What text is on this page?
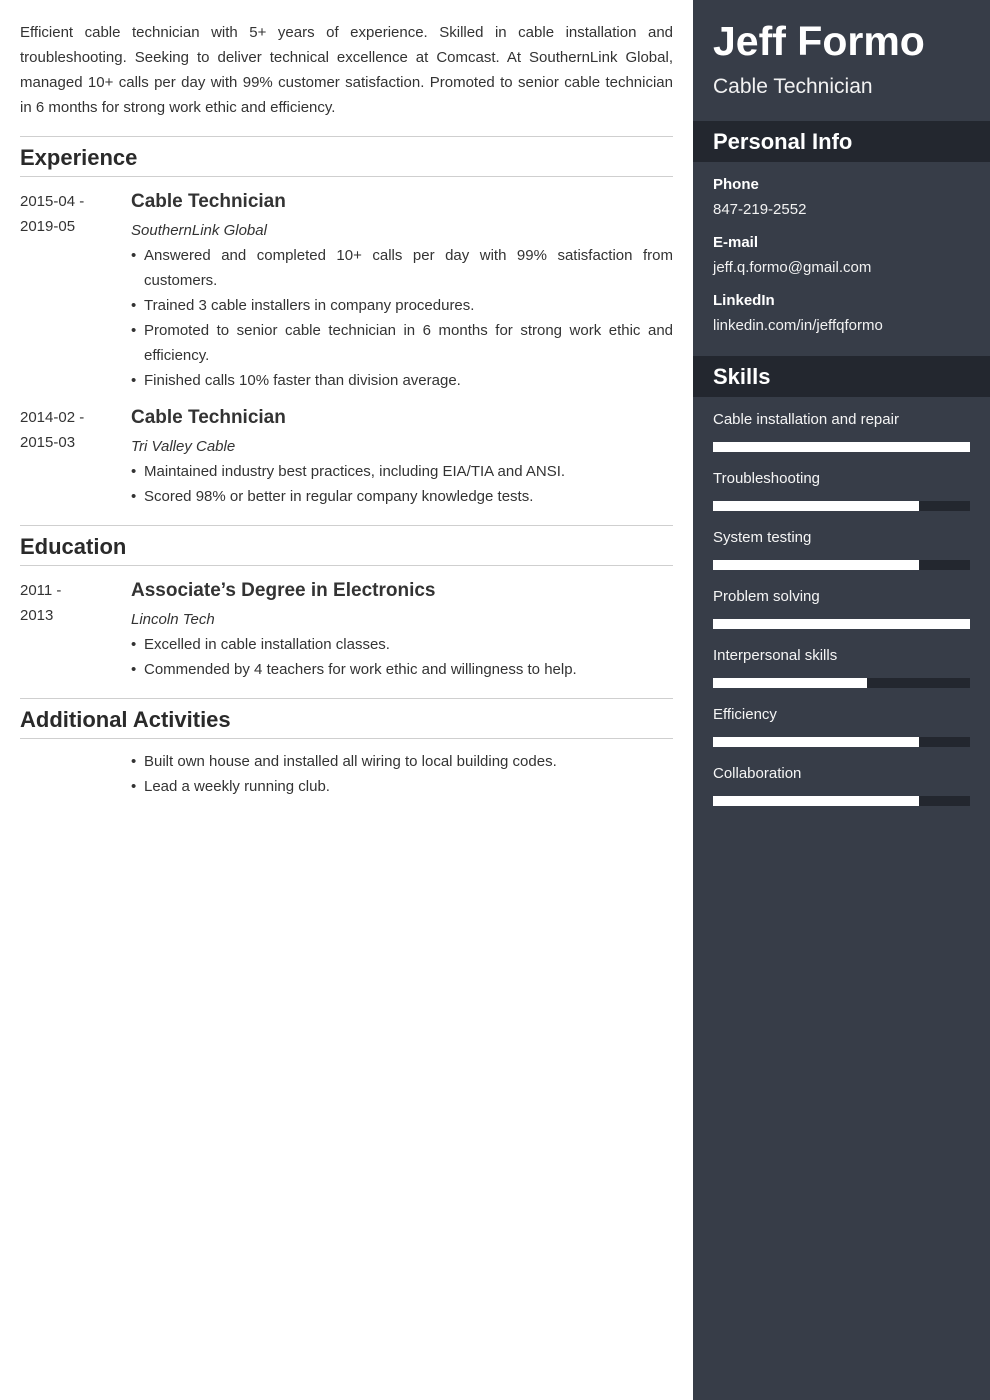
Efficient cable technician with 5+ years of experience. Skilled in cable installation and troubleshooting. Seeking to deliver technical excellence at Comcast. At SouthernLink Global, managed 10+ calls per day with 99% customer satisfaction. Promoted to senior cable technician in 6 months for strong work ethic and efficiency.

Experience
2015-04 -
2019-05
Cable Technician
SouthernLink Global
• Answered and completed 10+ calls per day with 99% satisfaction from customers.
• Trained 3 cable installers in company procedures.
• Promoted to senior cable technician in 6 months for strong work ethic and efficiency.
• Finished calls 10% faster than division average.
2014-02 -
2015-03
Cable Technician
Tri Valley Cable
• Maintained industry best practices, including EIA/TIA and ANSI.
• Scored 98% or better in regular company knowledge tests.
Education
2011 -
2013
Associate’s Degree in Electronics
Lincoln Tech
• Excelled in cable installation classes.
• Commended by 4 teachers for work ethic and willingness to help.
Additional Activities
• Built own house and installed all wiring to local building codes.
• Lead a weekly running club.
Jeff Formo
Cable Technician
Personal Info
Phone
847-219-2552
E-mail
jeff.q.formo@gmail.com
LinkedIn
linkedin.com/in/jeffqformo
Skills
Cable installation and repair
Troubleshooting
System testing
Problem solving
Interpersonal skills
Efficiency
Collaboration
